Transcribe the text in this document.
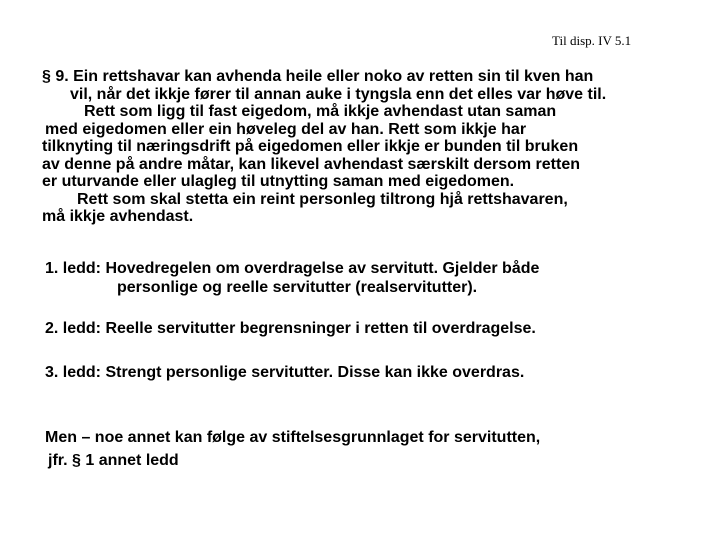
Til disp. IV 5.1
§ 9. Ein rettshavar kan avhenda heile eller noko av retten sin til kven han
vil, når det ikkje fører til annan auke i tyngsla enn det elles var høve til.
Rett som ligg til fast eigedom, må ikkje avhendast utan saman
med eigedomen eller ein høveleg del av han. Rett som ikkje har
tilknyting til næringsdrift på eigedomen eller ikkje er bunden til bruken
av denne på andre måtar, kan likevel avhendast særskilt dersom retten
er uturvande eller ulagleg til utnytting saman med eigedomen.
Rett som skal stetta ein reint personleg tiltrong hjå rettshavaren,
må ikkje avhendast.
1. ledd: Hovedregelen om overdragelse av servitutt. Gjelder både
personlige og reelle servitutter (realservitutter).
2. ledd: Reelle servitutter begrensninger i retten til overdragelse.
3. ledd: Strengt personlige servitutter. Disse kan ikke overdras.
Men – noe annet kan følge av stiftelsesgrunnlaget for servitutten,
jfr. § 1 annet ledd
